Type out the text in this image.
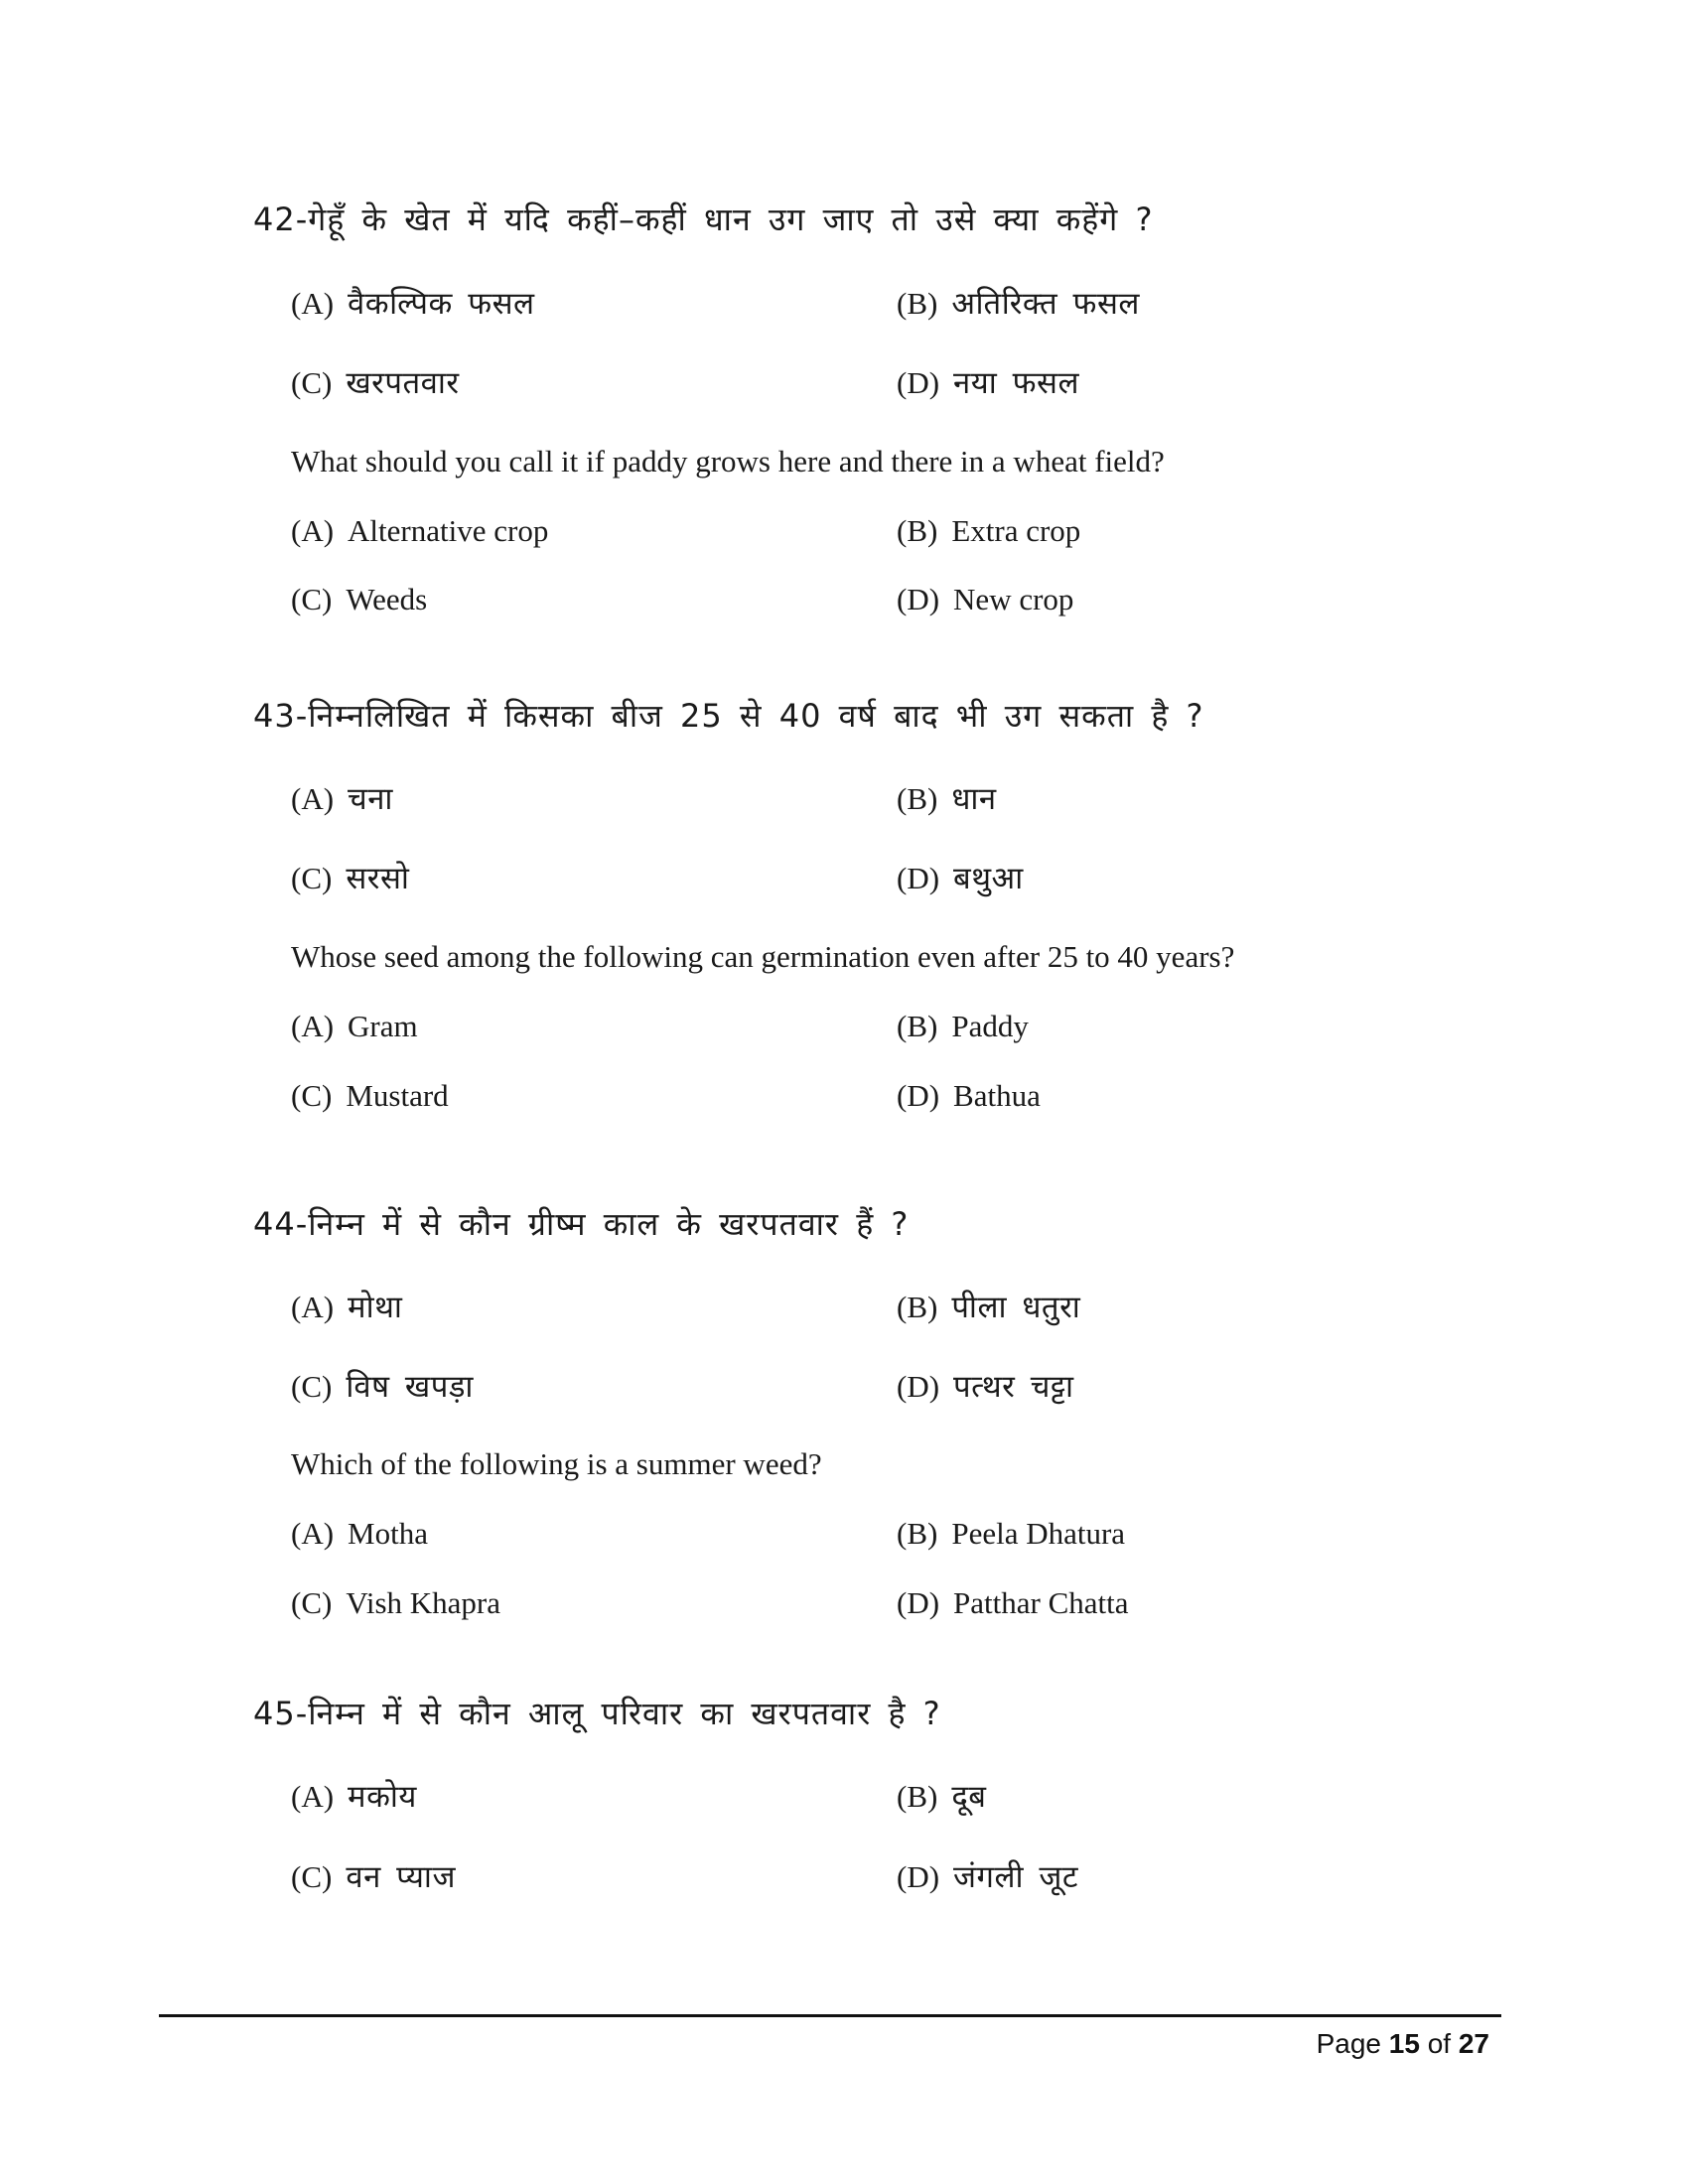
42-गेहूँ के खेत में यदि कहीं–कहीं धान उग जाए तो उसे क्या कहेंगे ?
(A) वैकल्पिक फसल	(B) अतिरिक्त फसल
(C) खरपतवार	(D) नया फसल
What should you call it if paddy grows here and there in a wheat field?
(A) Alternative crop	(B) Extra crop
(C) Weeds	(D) New crop
43-निम्नलिखित में किसका बीज 25 से 40 वर्ष बाद भी उग सकता है ?
(A) चना	(B) धान
(C) सरसो	(D) बथुआ
Whose seed among the following can germination even after 25 to 40 years?
(A) Gram	(B) Paddy
(C) Mustard	(D) Bathua
44-निम्न में से कौन ग्रीष्म काल के खरपतवार हैं ?
(A) मोथा	(B) पीला धतुरा
(C) विष खपड़ा	(D) पत्थर चट्टा
Which of the following is a summer weed?
(A) Motha	(B) Peela Dhatura
(C) Vish Khapra	(D) Patthar Chatta
45-निम्न में से कौन आलू परिवार का खरपतवार है ?
(A) मकोय	(B) दूब
(C) वन प्याज	(D) जंगली जूट
Page 15 of 27
